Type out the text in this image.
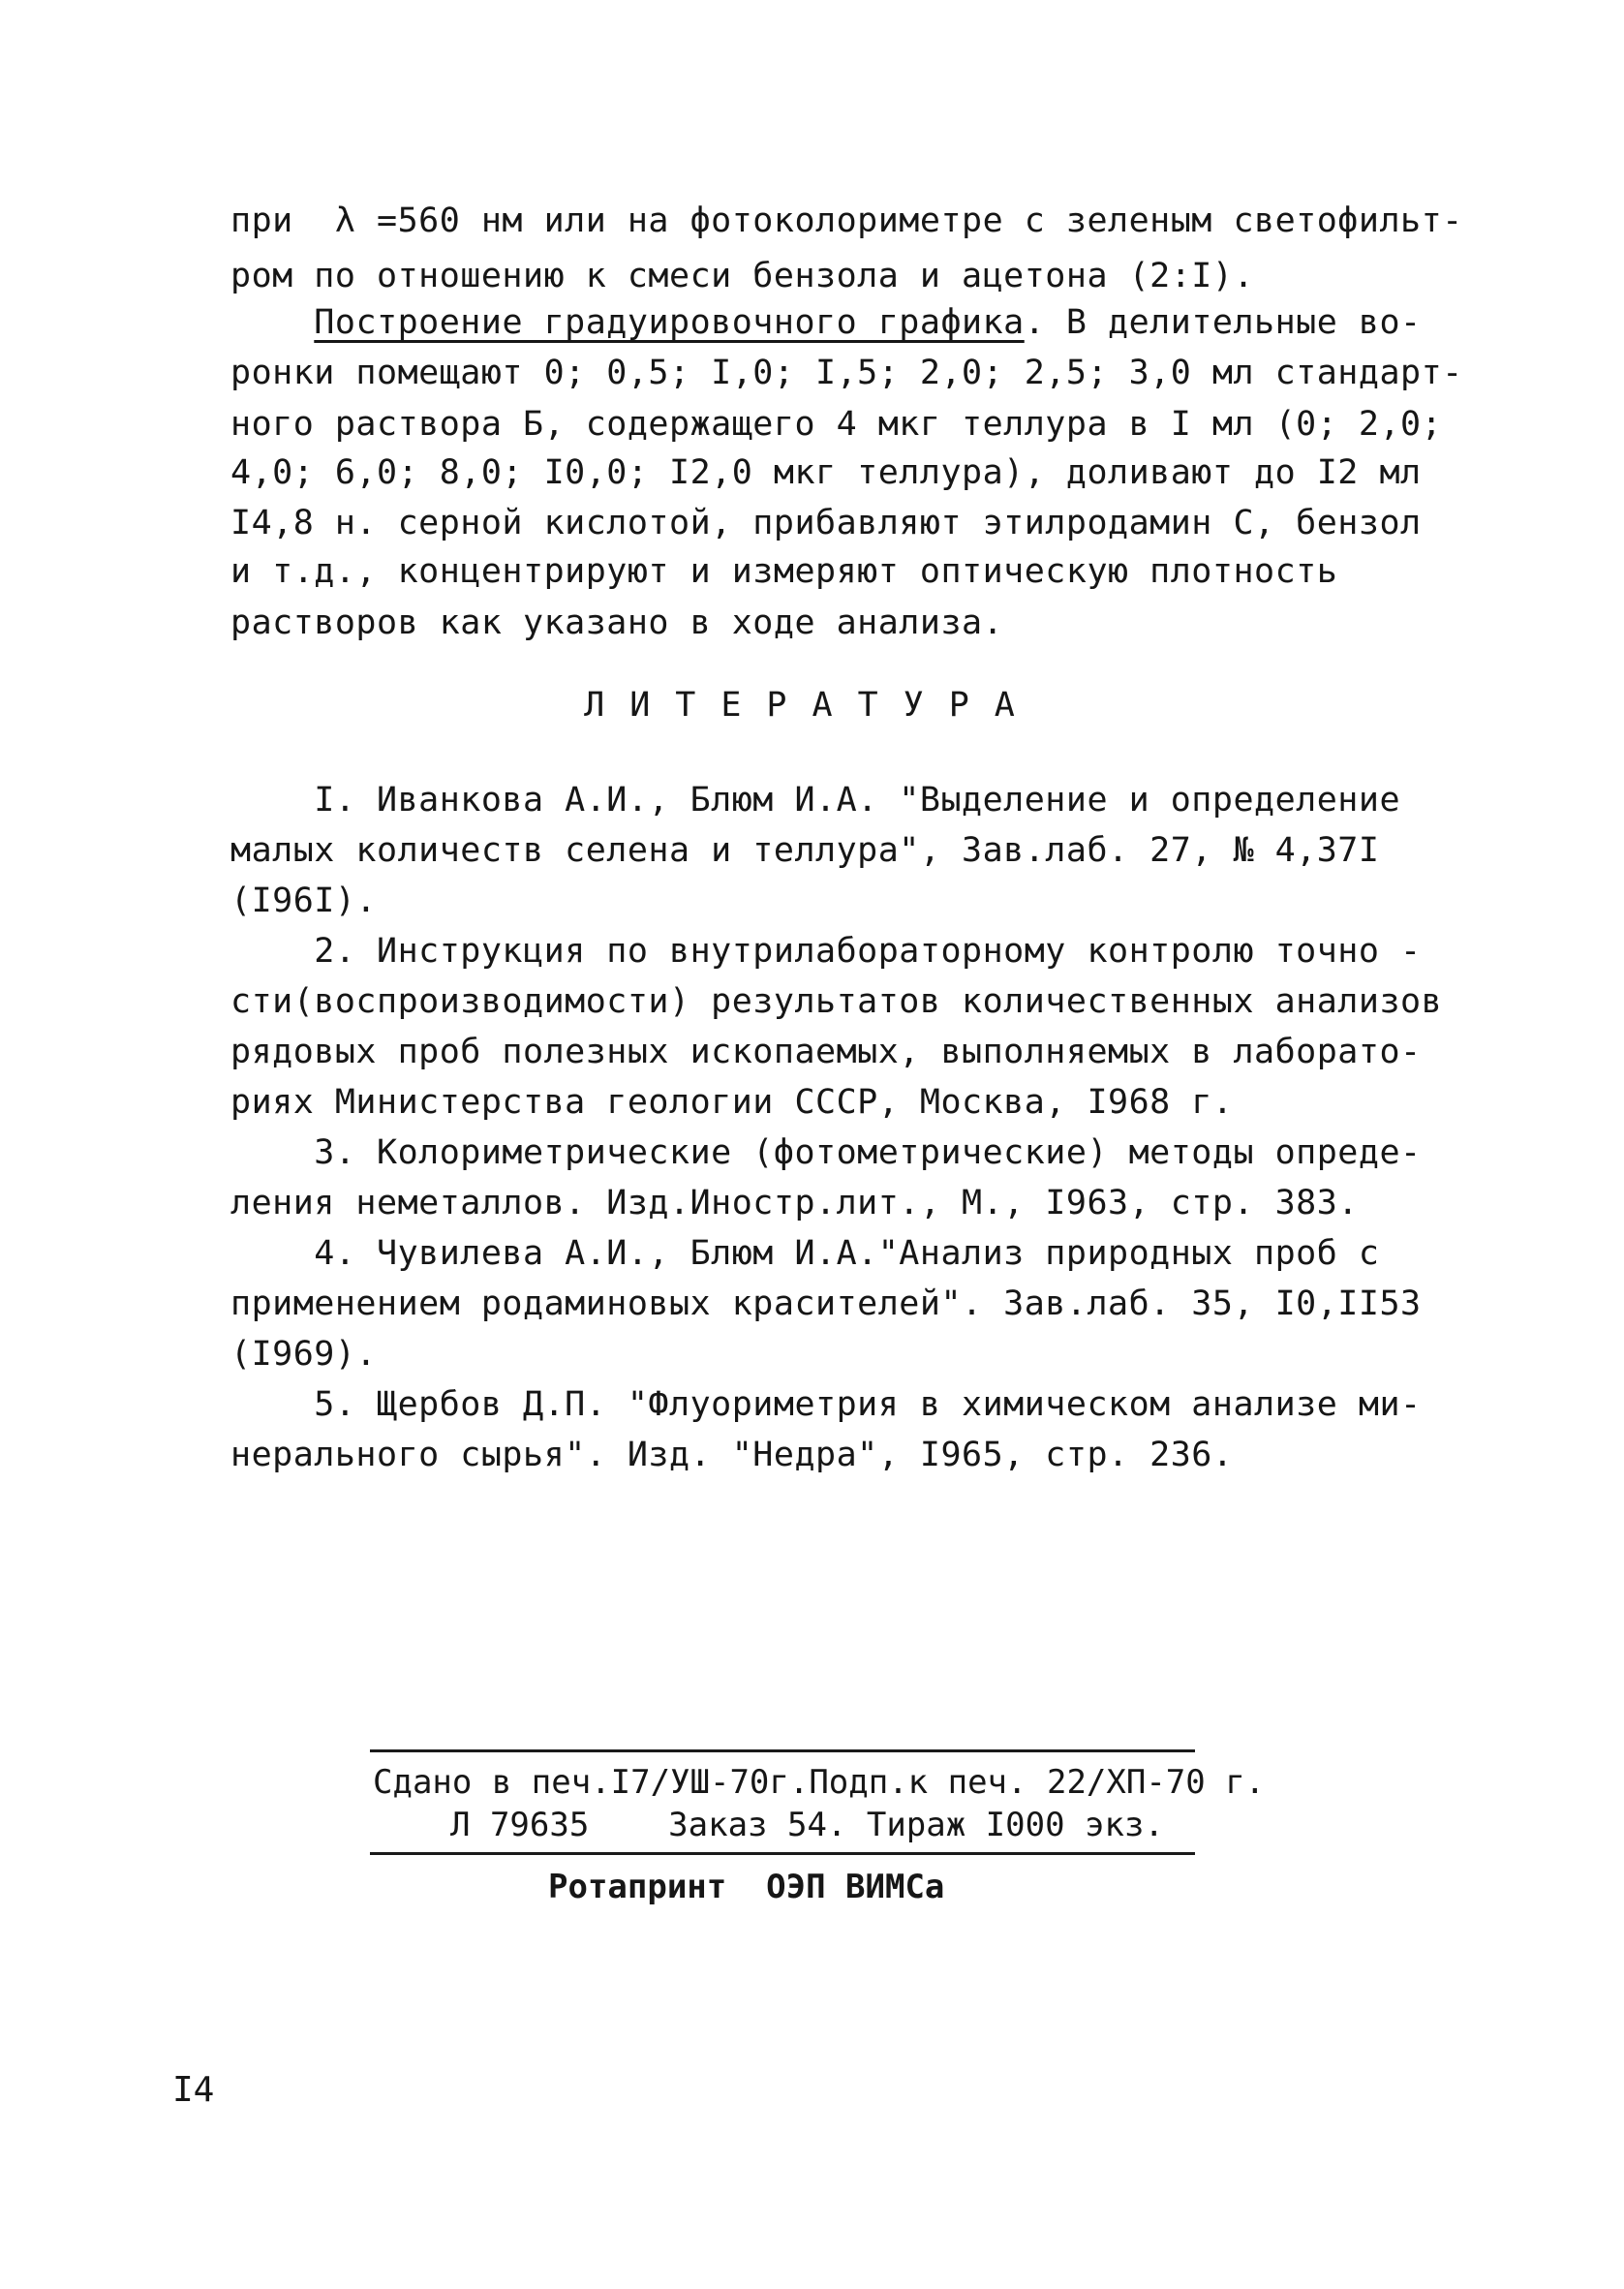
при  λ =560 нм или на фотоколориметре с зеленым светофильт-
ром по отношению к смеси бензола и ацетона (2:I).
Построение градуировочного графика. В делительные во-
ронки помещают 0; 0,5; I,0; I,5; 2,0; 2,5; 3,0 мл стандарт-
ного раствора Б, содержащего 4 мкг теллура в I мл (0; 2,0;
4,0; 6,0; 8,0; I0,0; I2,0 мкг теллура), доливают до I2 мл
I4,8 н. серной кислотой, прибавляют этилродамин С, бензол
и т.д., концентрируют и измеряют оптическую плотность
растворов как указано в ходе анализа.
ЛИТЕРАТУРА
I. Иванкова А.И., Блюм И.А. "Выделение и определение
малых количеств селена и теллура", Зав.лаб. 27, № 4,37I
(I96I).
2. Инструкция по внутрилабораторному контролю точно -
сти(воспроизводимости) результатов количественных анализов
рядовых проб полезных ископаемых, выполняемых в лаборато-
риях Министерства геологии СССР, Москва, I968 г.
3. Колориметрические (фотометрические) методы опреде-
ления неметаллов. Изд.Иностр.лит., М., I963, стр. 383.
4. Чувилева А.И., Блюм И.А."Анализ природных проб с
применением родаминовых красителей". Зав.лаб. 35, I0,II53
(I969).
5. Щербов Д.П. "Флуориметрия в химическом анализе ми-
нерального сырья". Изд. "Недра", I965, стр. 236.
Сдано в печ.I7/УШ-70г.Подп.к печ. 22/ХП-70 г.
Л 79635    Заказ 54. Тираж I000 экз.
Ротапринт  ОЭП ВИМСа
I4
